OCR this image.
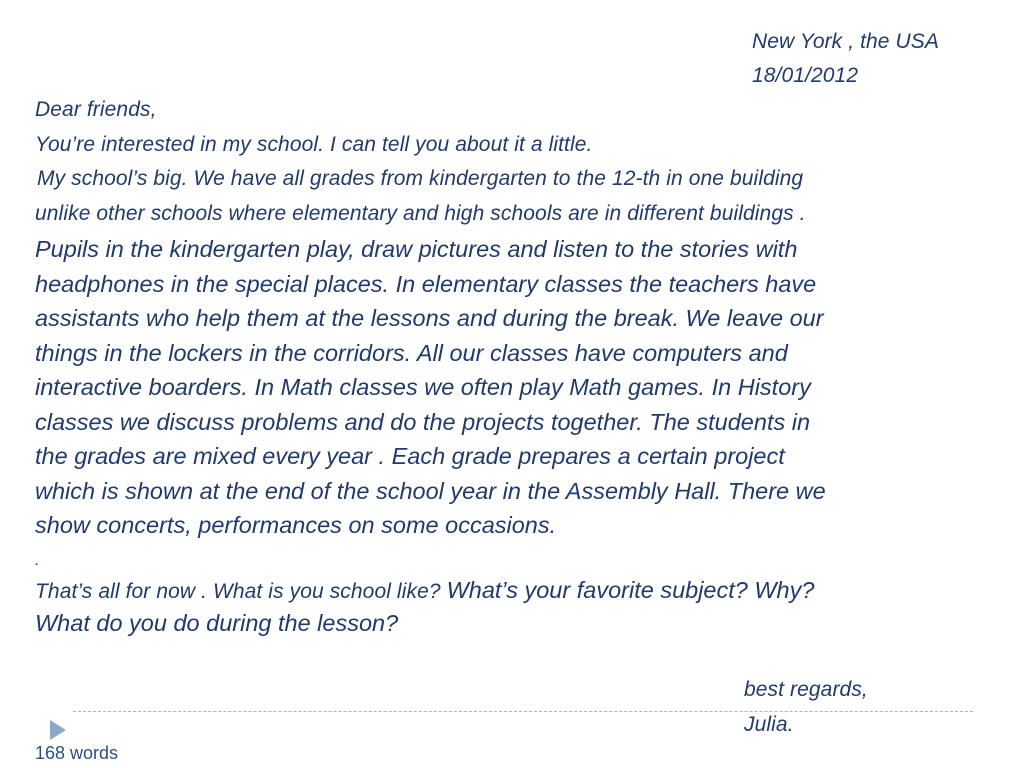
New York , the USA
18/01/2012
Dear friends,
You’re interested in my school. I can tell you about it a little.
My school’s big. We have all grades from kindergarten to the 12-th in one building
unlike other schools where elementary and high schools are in different buildings .
Pupils in the kindergarten play, draw pictures and listen to the stories with
headphones in the special places. In elementary classes the teachers have
assistants who help them at the lessons and during the break. We leave our
things in the lockers in the corridors. All our classes have computers and
interactive boarders. In Math classes we often play Math games. In History
classes we discuss problems and do the projects together. The students in
the grades are mixed every year . Each grade prepares a certain project
which is shown at the end of the school year in the Assembly Hall. There we
show concerts, performances on some occasions.
.
That’s all for now . What is you school like? What’s your favorite subject? Why?
What do you do during the lesson?
best regards,
Julia.
168 words
